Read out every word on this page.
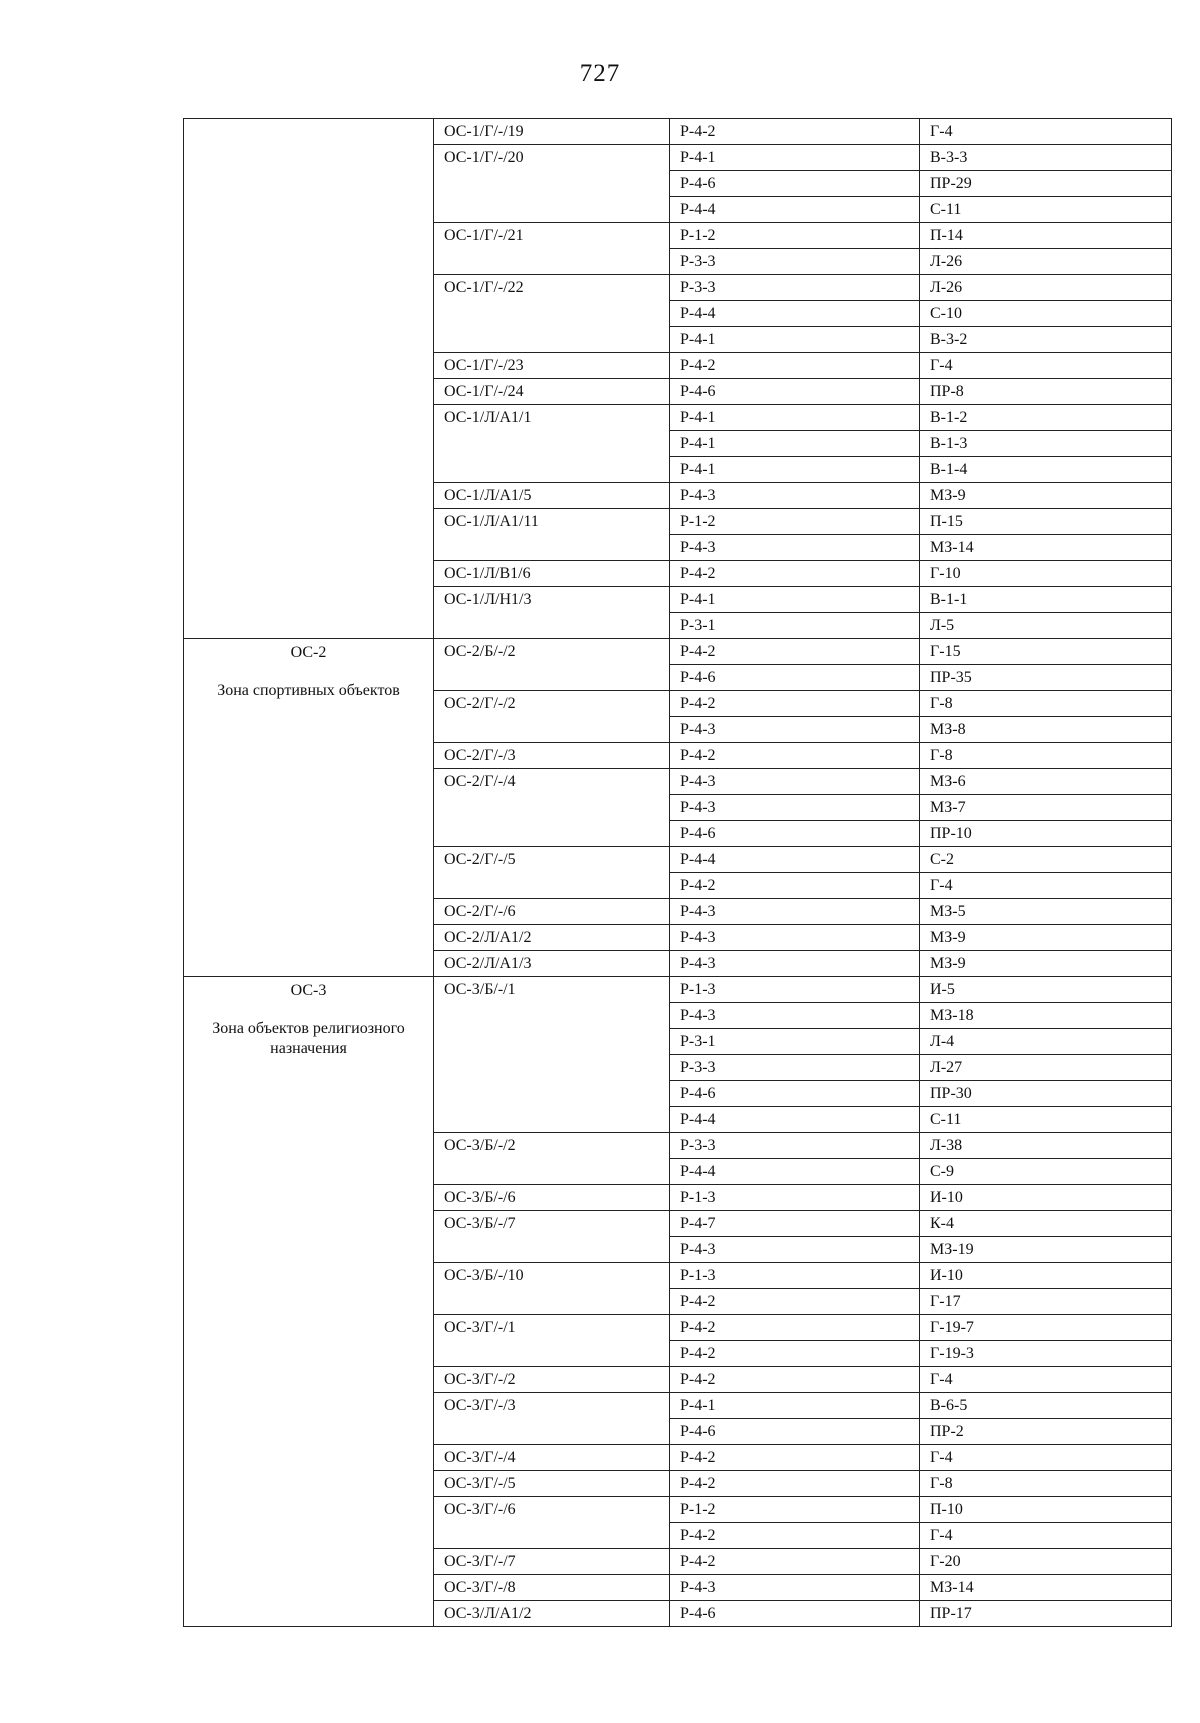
727
	ОС-1/Г/-/19	Р-4-2	Г-4
	ОС-1/Г/-/20	Р-4-1	В-3-3
		Р-4-6	ПР-29
		Р-4-4	С-11
	ОС-1/Г/-/21	Р-1-2	П-14
		Р-3-3	Л-26
	ОС-1/Г/-/22	Р-3-3	Л-26
		Р-4-4	С-10
		Р-4-1	В-3-2
	ОС-1/Г/-/23	Р-4-2	Г-4
	ОС-1/Г/-/24	Р-4-6	ПР-8
	ОС-1/Л/А1/1	Р-4-1	В-1-2
		Р-4-1	В-1-3
		Р-4-1	В-1-4
	ОС-1/Л/А1/5	Р-4-3	МЗ-9
	ОС-1/Л/А1/11	Р-1-2	П-15
		Р-4-3	МЗ-14
	ОС-1/Л/В1/6	Р-4-2	Г-10
	ОС-1/Л/Н1/3	Р-4-1	В-1-1
		Р-3-1	Л-5

ОС-2
Зона спортивных объектов	ОС-2/Б/-/2	Р-4-2	Г-15
		Р-4-6	ПР-35
	ОС-2/Г/-/2	Р-4-2	Г-8
		Р-4-3	МЗ-8
	ОС-2/Г/-/3	Р-4-2	Г-8
	ОС-2/Г/-/4	Р-4-3	МЗ-6
		Р-4-3	МЗ-7
		Р-4-6	ПР-10
	ОС-2/Г/-/5	Р-4-4	С-2
		Р-4-2	Г-4
	ОС-2/Г/-/6	Р-4-3	МЗ-5
	ОС-2/Л/А1/2	Р-4-3	МЗ-9
	ОС-2/Л/А1/3	Р-4-3	МЗ-9

ОС-3
Зона объектов религиозного назначения	ОС-3/Б/-/1	Р-1-3	И-5
		Р-4-3	МЗ-18
		Р-3-1	Л-4
		Р-3-3	Л-27
		Р-4-6	ПР-30
		Р-4-4	С-11
	ОС-3/Б/-/2	Р-3-3	Л-38
		Р-4-4	С-9
	ОС-3/Б/-/6	Р-1-3	И-10
	ОС-3/Б/-/7	Р-4-7	К-4
		Р-4-3	МЗ-19
	ОС-3/Б/-/10	Р-1-3	И-10
		Р-4-2	Г-17
	ОС-3/Г/-/1	Р-4-2	Г-19-7
		Р-4-2	Г-19-3
	ОС-3/Г/-/2	Р-4-2	Г-4
	ОС-3/Г/-/3	Р-4-1	В-6-5
		Р-4-6	ПР-2
	ОС-3/Г/-/4	Р-4-2	Г-4
	ОС-3/Г/-/5	Р-4-2	Г-8
	ОС-3/Г/-/6	Р-1-2	П-10
		Р-4-2	Г-4
	ОС-3/Г/-/7	Р-4-2	Г-20
	ОС-3/Г/-/8	Р-4-3	МЗ-14
	ОС-3/Л/А1/2	Р-4-6	ПР-17
